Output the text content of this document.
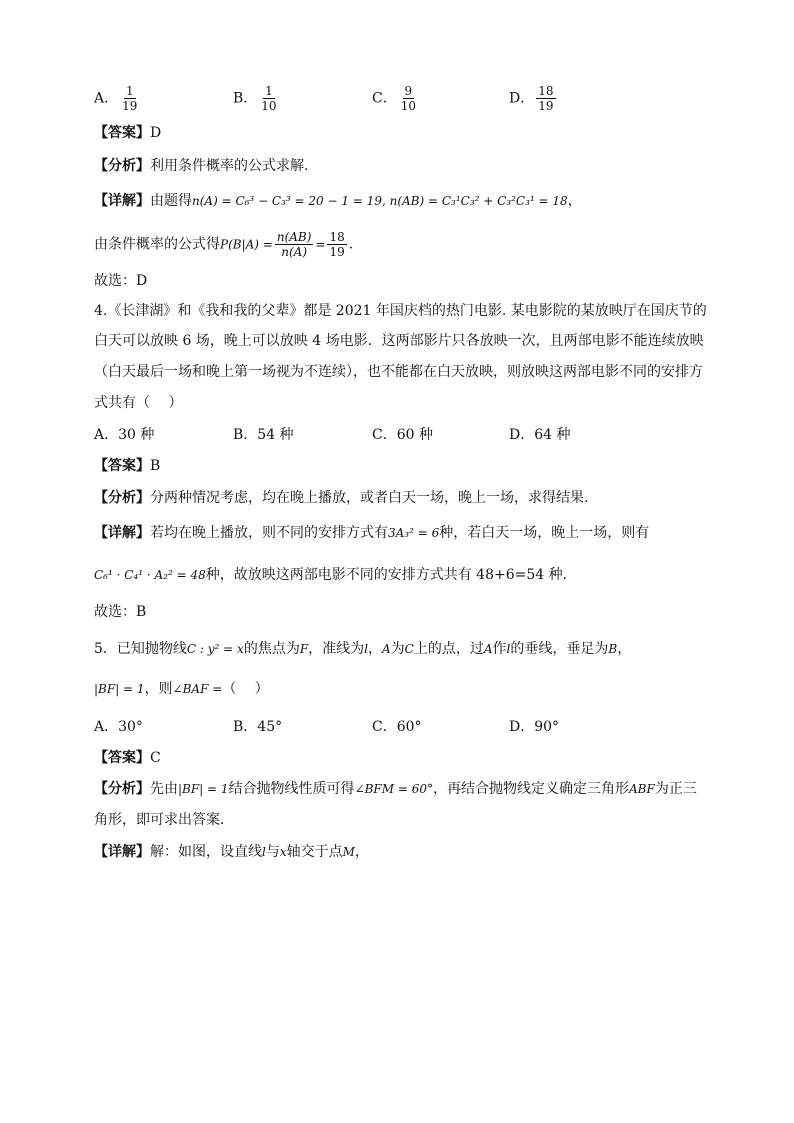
A． $\frac{1}{19}$	B． $\frac{1}{10}$	C． $\frac{9}{10}$	D． $\frac{18}{19}$
【答案】D
【分析】利用条件概率的公式求解.
【详解】由题得n(A) = C₆³ − C₃³ = 20 − 1 = 19, n(AB) = C₃¹C₃² + C₃²C₃¹ = 18，
由条件概率的公式得$P(B|A) = \frac{n(AB)}{n(A)} = \frac{18}{19}$ .
故选：D
4.《长津湖》和《我和我的父辈》都是 2021 年国庆档的热门电影. 某电影院的某放映厅在国庆节的
白天可以放映 6 场，晚上可以放映 4 场电影．这两部影片只各放映一次，且两部电影不能连续放映
（白天最后一场和晚上第一场视为不连续），也不能都在白天放映，则放映这两部电影不同的安排方
式共有（　 ）
A．30 种	B．54 种	C．60 种	D．64 种
【答案】B
【分析】分两种情况考虑，均在晚上播放，或者白天一场，晚上一场，求得结果.
【详解】若均在晚上播放，则不同的安排方式有3A₃² = 6种，若白天一场，晚上一场，则有
C₆¹ · C₄¹ · A₂² = 48种，故放映这两部电影不同的安排方式共有 48+6=54 种.
故选：B
5．已知抛物线C : y² = x的焦点为F，准线为l，A为C上的点，过A作l的垂线，垂足为B，
|BF| = 1，则∠BAF =（　 ）
A．30°	B．45°	C．60°	D．90°
【答案】C
【分析】先由|BF| = 1结合抛物线性质可得∠BFM = 60°，再结合抛物线定义确定三角形ABF为正三
角形，即可求出答案．
【详解】解：如图，设直线l与x轴交于点M，
